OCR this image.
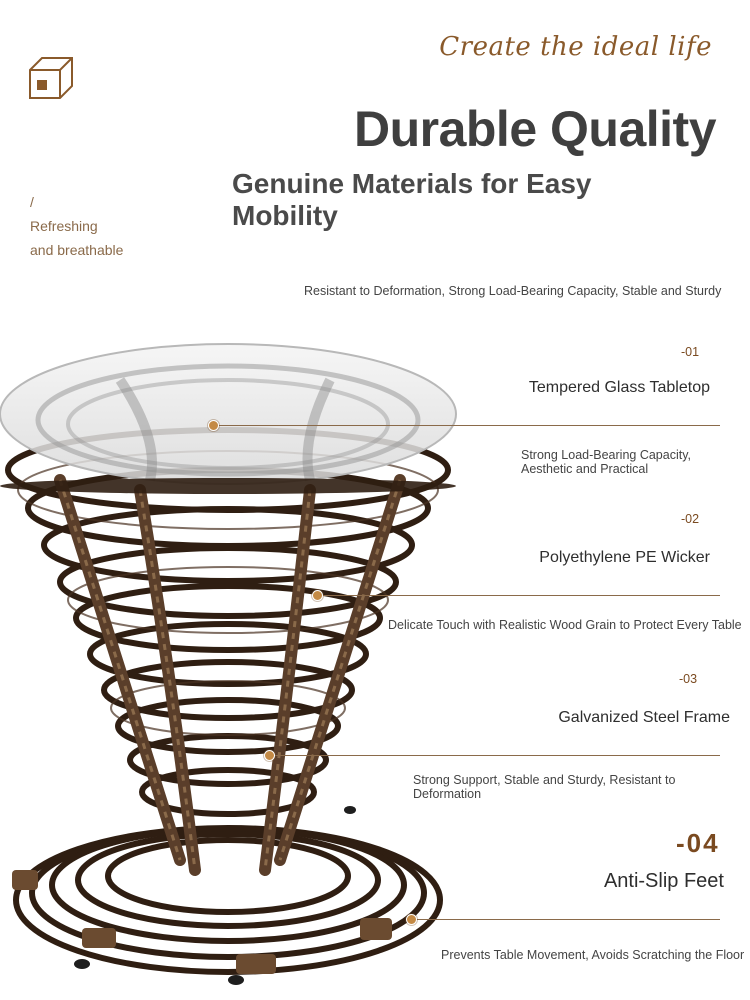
Create the ideal life
Durable Quality
Genuine Materials for Easy Mobility
/
Refreshing
and breathable
Resistant to Deformation, Strong Load-Bearing Capacity, Stable and Sturdy
-01
Tempered Glass Tabletop
Strong Load-Bearing Capacity,
Aesthetic and Practical
-02
Polyethylene PE Wicker
Delicate Touch with Realistic Wood Grain to Protect Every Table
-03
Galvanized Steel Frame
Strong Support, Stable and Sturdy, Resistant to
Deformation
-04
Anti-Slip Feet
Prevents Table Movement, Avoids Scratching the Floor
